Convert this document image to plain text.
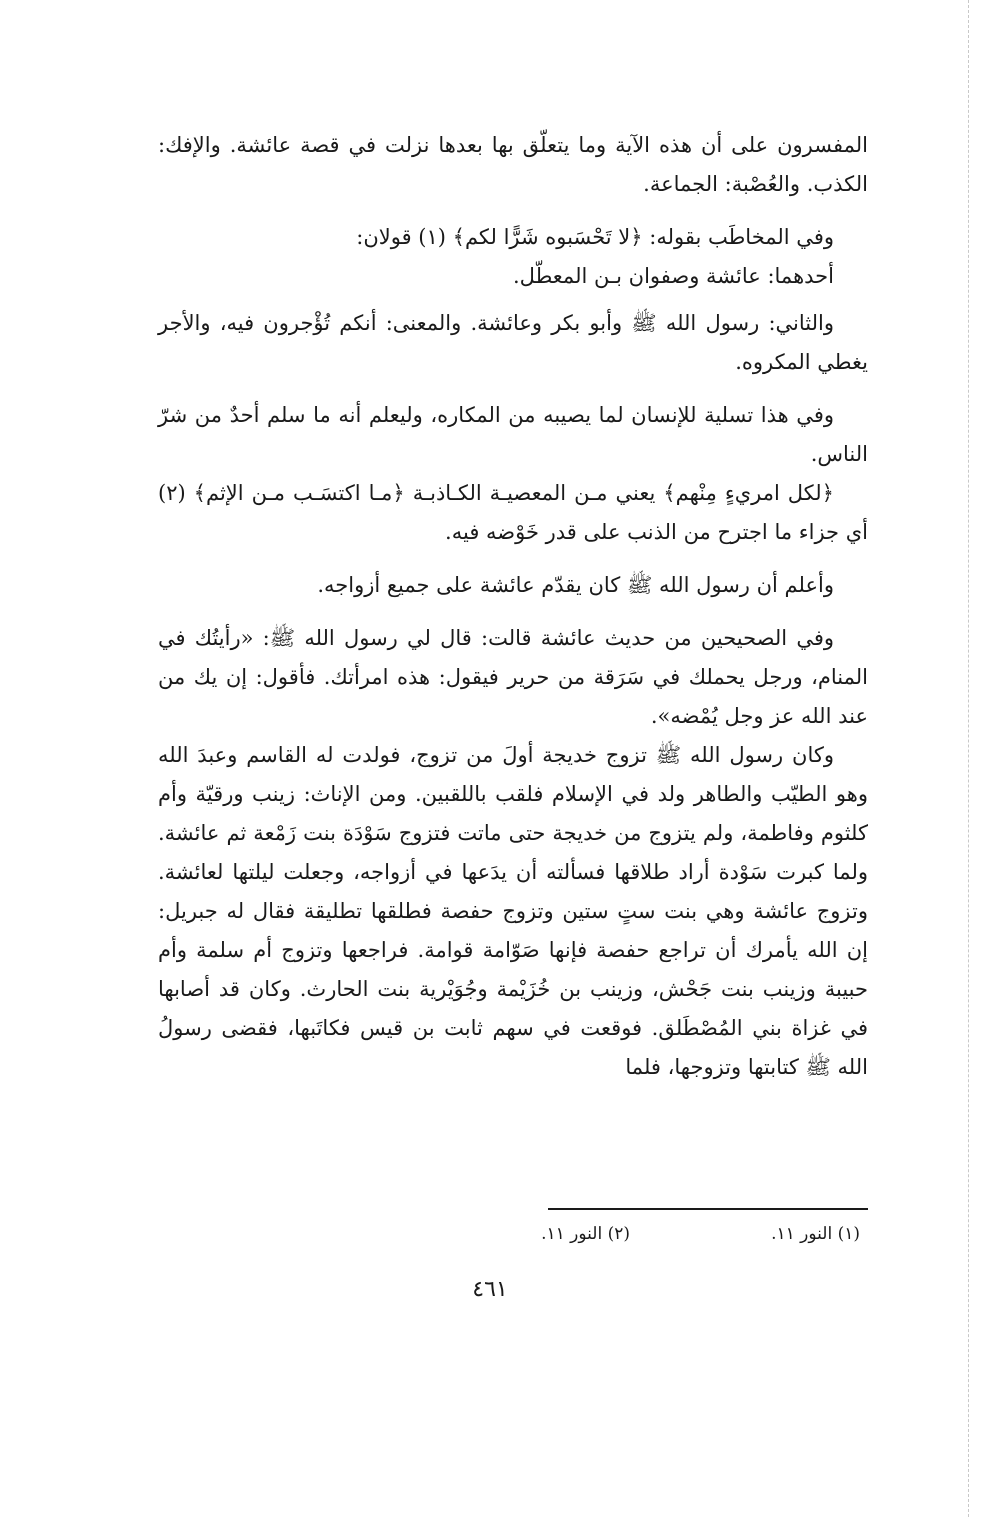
المفسرون على أن هذه الآية وما يتعلّق بها بعدها نزلت في قصة عائشة. والإفك: الكذب. والعُصْبة: الجماعة.

وفي المخاطَب بقوله: ﴿لا تَحْسَبوه شَرًّا لكم﴾ (١) قولان:

أحدهما: عائشة وصفوان بـن المعطّل.

والثاني: رسول الله ﷺ وأبو بكر وعائشة. والمعنى: أنكم تُؤْجرون فيه، والأجر يغطي المكروه.

وفي هذا تسلية للإنسان لما يصيبه من المكاره، وليعلم أنه ما سلم أحدٌ من شرّ الناس.

﴿لكل امريءٍ مِنْهم﴾ يعني مـن المعصيـة الكـاذبـة ﴿مـا اكتسَـب مـن الإثم﴾ (٢) أي جزاء ما اجترح من الذنب على قدر خَوْضه فيه.

وأعلم أن رسول الله ﷺ كان يقدّم عائشة على جميع أزواجه.

وفي الصحيحين من حديث عائشة قالت: قال لي رسول الله ﷺ: «رأيتُك في المنام، ورجل يحملك في سَرَقة من حرير فيقول: هذه امرأتك. فأقول: إن يك من عند الله عز وجل يُمْضه».

وكان رسول الله ﷺ تزوج خديجة أولَ من تزوج، فولدت له القاسم وعبدَ الله وهو الطيّب والطاهر ولد في الإسلام فلقب باللقبين. ومن الإناث: زينب ورقيّة وأم كلثوم وفاطمة، ولم يتزوج من خديجة حتى ماتت فتزوج سَوْدَة بنت زَمْعة ثم عائشة. ولما كبرت سَوْدة أراد طلاقها فسألته أن يدَعها في أزواجه، وجعلت ليلتها لعائشة. وتزوج عائشة وهي بنت ستٍ ستين وتزوج حفصة فطلقها تطليقة فقال له جبريل: إن الله يأمرك أن تراجع حفصة فإنها صَوّامة قوامة. فراجعها وتزوج أم سلمة وأم حبيبة وزينب بنت جَحْش، وزينب بن خُزَيْمة وجُوَيْرية بنت الحارث. وكان قد أصابها في غزاة بني المُصْطَلق. فوقعت في سهم ثابت بن قيس فكاتَبها، فقضى رسولُ الله ﷺ كتابتها وتزوجها، فلما

(١) النور ١١.
(٢) النور ١١.
٤٦١
